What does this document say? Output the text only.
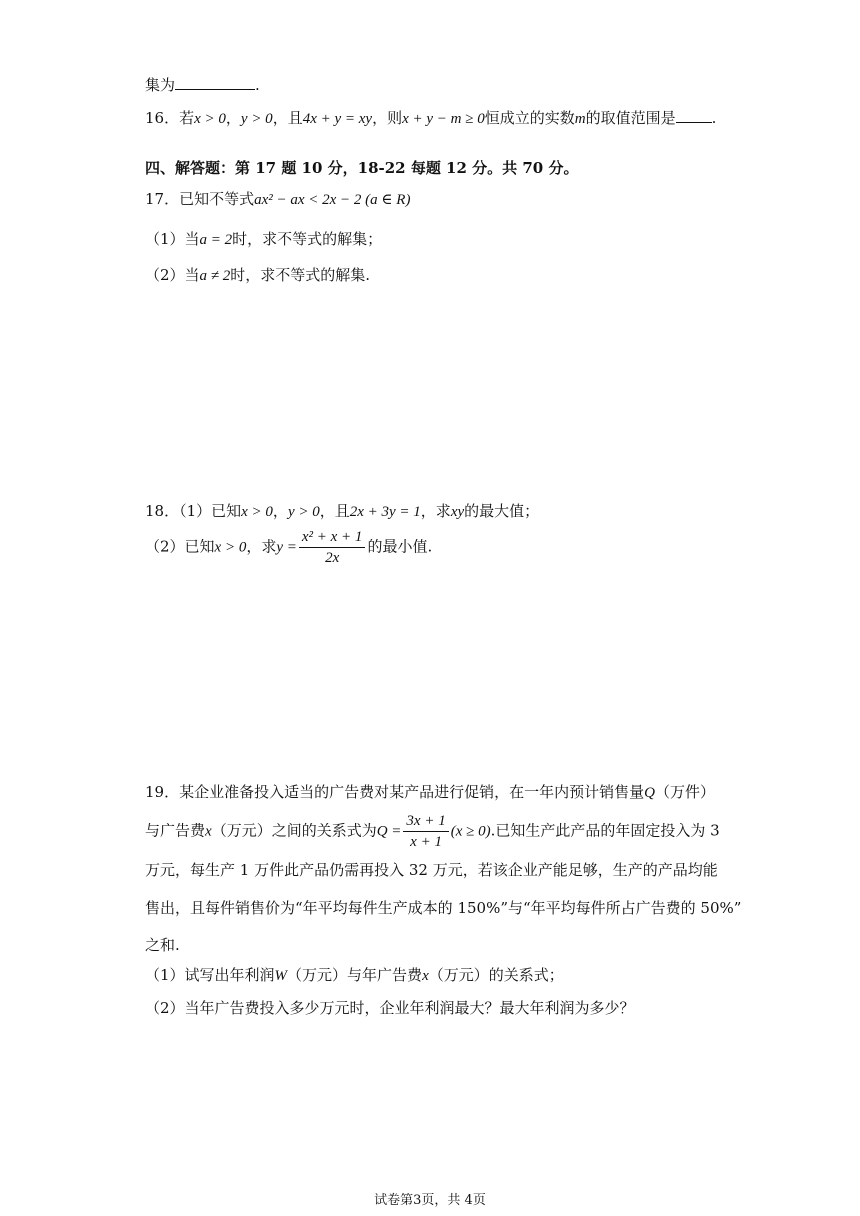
集为	.
16．若x > 0，y > 0，且4x + y = xy，则x + y − m ≥ 0恒成立的实数m的取值范围是 .
四、解答题：第 17 题 10 分，18-22 每题 12 分。共 70 分。
17．已知不等式ax² − ax < 2x − 2 (a ∈ R)
（1）当a = 2时，求不等式的解集；
（2）当a ≠ 2时，求不等式的解集.
18．（1）已知x > 0，y > 0，且2x + 3y = 1，求xy的最大值；
（2）已知x > 0，求$y = \frac{\text{x² + x + 1}}{2x}$ 的最小值.
19．某企业准备投入适当的广告费对某产品进行促销，在一年内预计销售量Q（万件）
与广告费x（万元）之间的关系式为$Q = \frac{3x + 1}{x + 1} (x \ge 0)$.已知生产此产品的年固定投入为 3
万元，每生产 1 万件此产品仍需再投入 32 万元，若该企业产能足够，生产的产品均能
售出，且每件销售价为“年平均每件生产成本的 150%”与“年平均每件所占广告费的 50%”
之和.
（1）试写出年利润W（万元）与年广告费x（万元）的关系式；
（2）当年广告费投入多少万元时，企业年利润最大？最大年利润为多少？
试卷第3页，共 4页
